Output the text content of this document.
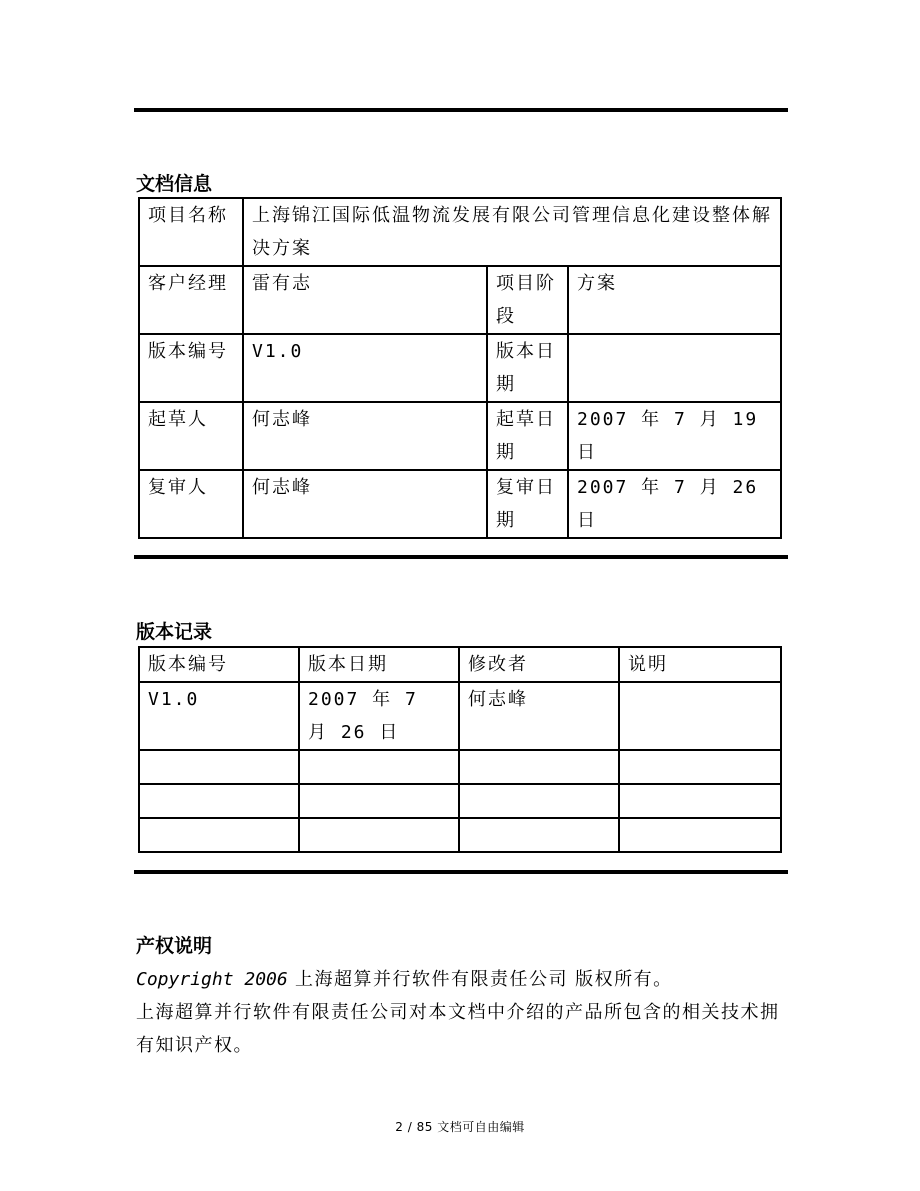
文档信息
项目名称	上海锦江国际低温物流发展有限公司管理信息化建设整体解决方案		
客户经理	雷有志	项目阶段	方案
版本编号	V1.0	版本日期	
起草人	何志峰	起草日期	2007 年 7 月 19 日
复审人	何志峰	复审日期	2007 年 7 月 26 日
版本记录
版本编号	版本日期	修改者	说明
V1.0	2007 年 7 月 26 日	何志峰	

产权说明
Copyright 2006 上海超算并行软件有限责任公司 版权所有。
上海超算并行软件有限责任公司对本文档中介绍的产品所包含的相关技术拥有知识产权。
2 / 85 文档可自由编辑
